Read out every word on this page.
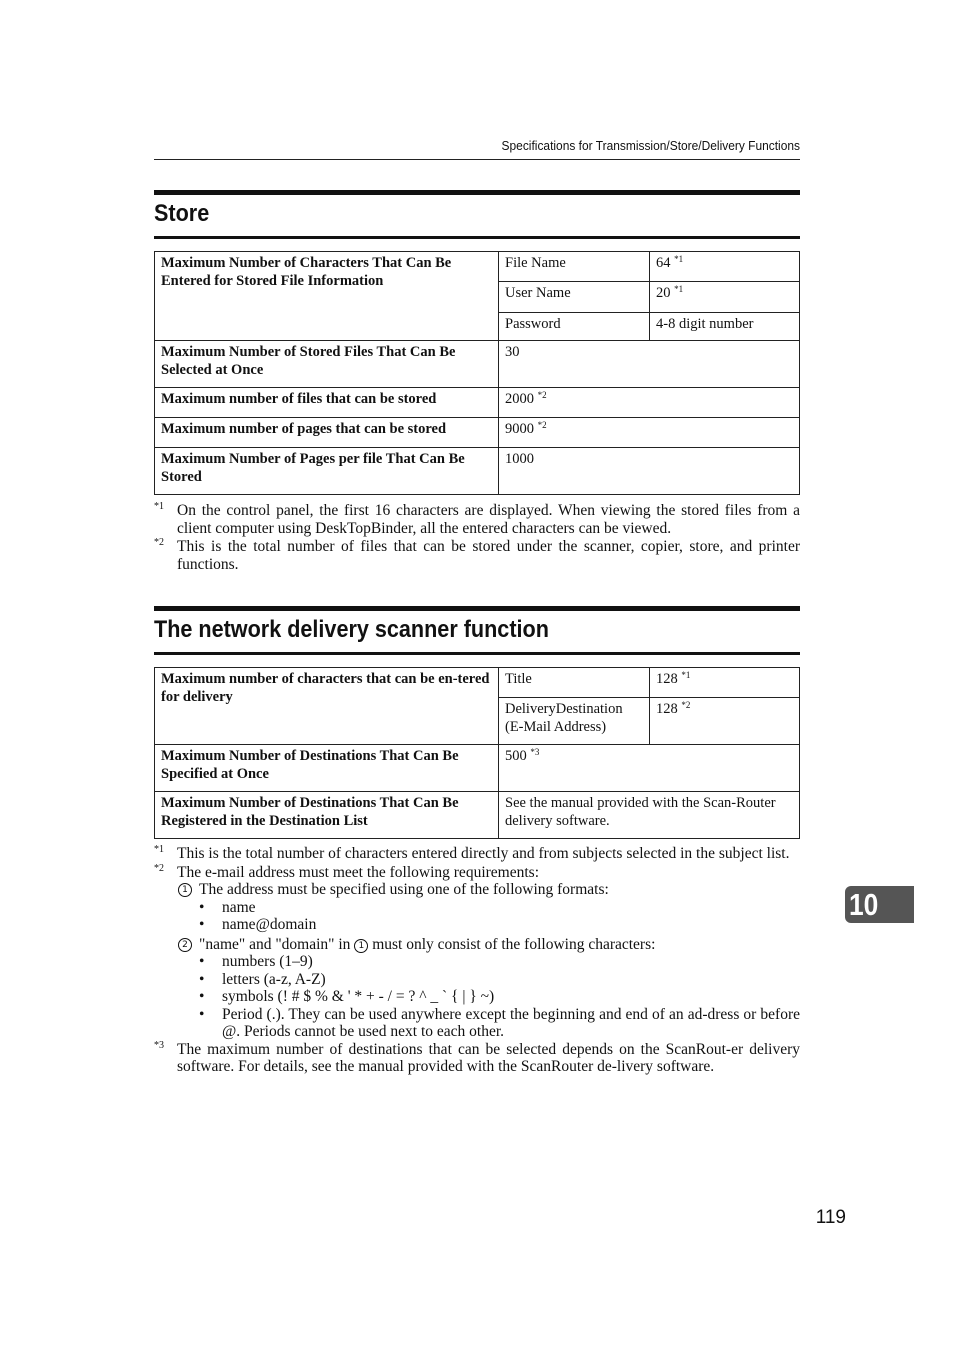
Specifications for Transmission/Store/Delivery Functions
Store
Maximum Number of Characters That Can Be Entered for Stored File Information	File Name	64 $^{*1}$
	User Name	20 $^{*1}$
	Password	4-8 digit number
Maximum Number of Stored Files That Can Be Selected at Once	30	
Maximum number of files that can be stored	2000 $^{*2}$
Maximum number of pages that can be stored	9000 $^{*2}$
Maximum Number of Pages per file That Can Be Stored	1000	
*1 On the control panel, the first 16 characters are displayed. When viewing the stored files from a client computer using DeskTopBinder, all the entered characters can be viewed.
*2 This is the total number of files that can be stored under the scanner, copier, store, and printer functions.
The network delivery scanner function
Maximum number of characters that can be en-tered for delivery	Title	128 $^{*1}$
	DeliveryDestination (E-Mail Address)	128 $^{*2}$
Maximum Number of Destinations That Can Be Specified at Once	500 $^{*3}$
Maximum Number of Destinations That Can Be Registered in the Destination List	See the manual provided with the Scan-Router delivery software.	
*1 This is the total number of characters entered directly and from subjects selected in the subject list.
*2 The e-mail address must meet the following requirements:
1 The address must be specified using one of the following formats:
• name
• name@domain
2 "name" and "domain" in 1 must only consist of the following characters:
• numbers (1–9)
• letters (a-z, A-Z)
• symbols (! # $ % & ' * + - / = ? ^ _ ` { | } ~)
• Period (.). They can be used anywhere except the beginning and end of an ad-dress or before @. Periods cannot be used next to each other.
*3 The maximum number of destinations that can be selected depends on the ScanRout-er delivery software. For details, see the manual provided with the ScanRouter de-livery software.
10
119
